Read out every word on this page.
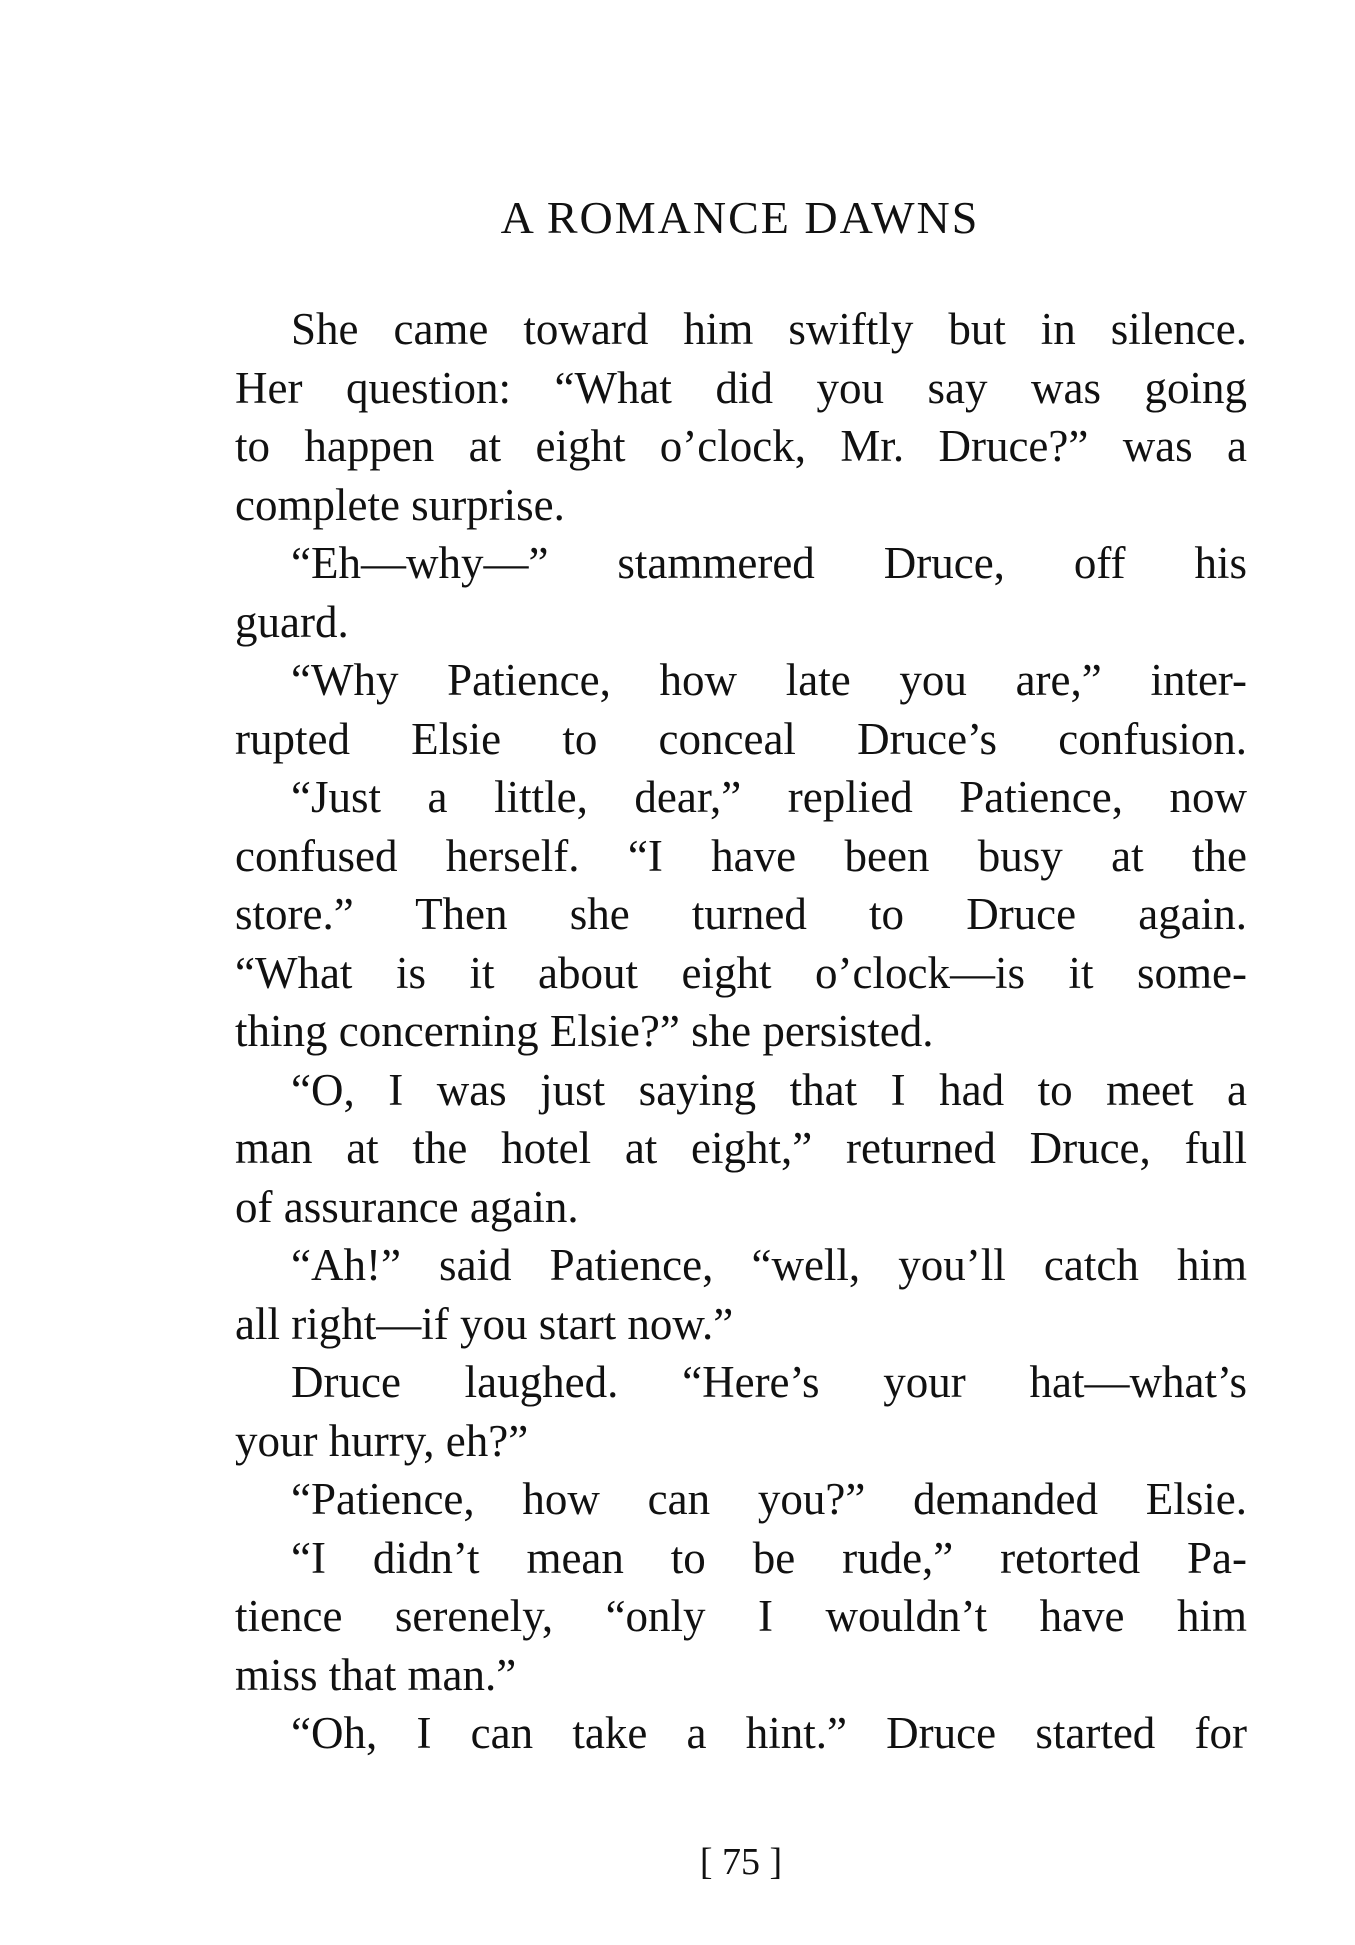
A ROMANCE DAWNS
She came toward him swiftly but in silence.
Her question: “What did you say was going
to happen at eight o’clock, Mr. Druce?” was a
complete surprise.
“Eh—why—” stammered Druce, off his
guard.
“Why Patience, how late you are,” inter-
rupted Elsie to conceal Druce’s confusion.
“Just a little, dear,” replied Patience, now
confused herself. “I have been busy at the
store.” Then she turned to Druce again.
“What is it about eight o’clock—is it some-
thing concerning Elsie?” she persisted.
“O, I was just saying that I had to meet a
man at the hotel at eight,” returned Druce, full
of assurance again.
“Ah!” said Patience, “well, you’ll catch him
all right—if you start now.”
Druce laughed. “Here’s your hat—what’s
your hurry, eh?”
“Patience, how can you?” demanded Elsie.
“I didn’t mean to be rude,” retorted Pa-
tience serenely, “only I wouldn’t have him
miss that man.”
“Oh, I can take a hint.” Druce started for
[ 75 ]
